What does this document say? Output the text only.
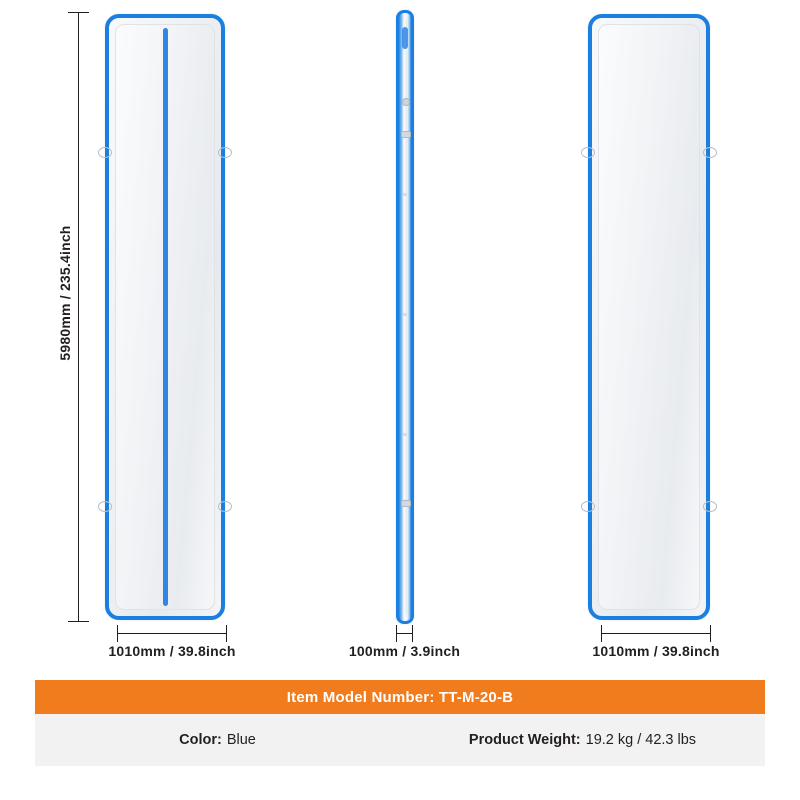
5980mm / 235.4inch
1010mm / 39.8inch	100mm / 3.9inch	1010mm / 39.8inch
Item Model Number: TT-M-20-B
Color: Blue	Product Weight: 19.2 kg / 42.3 lbs
